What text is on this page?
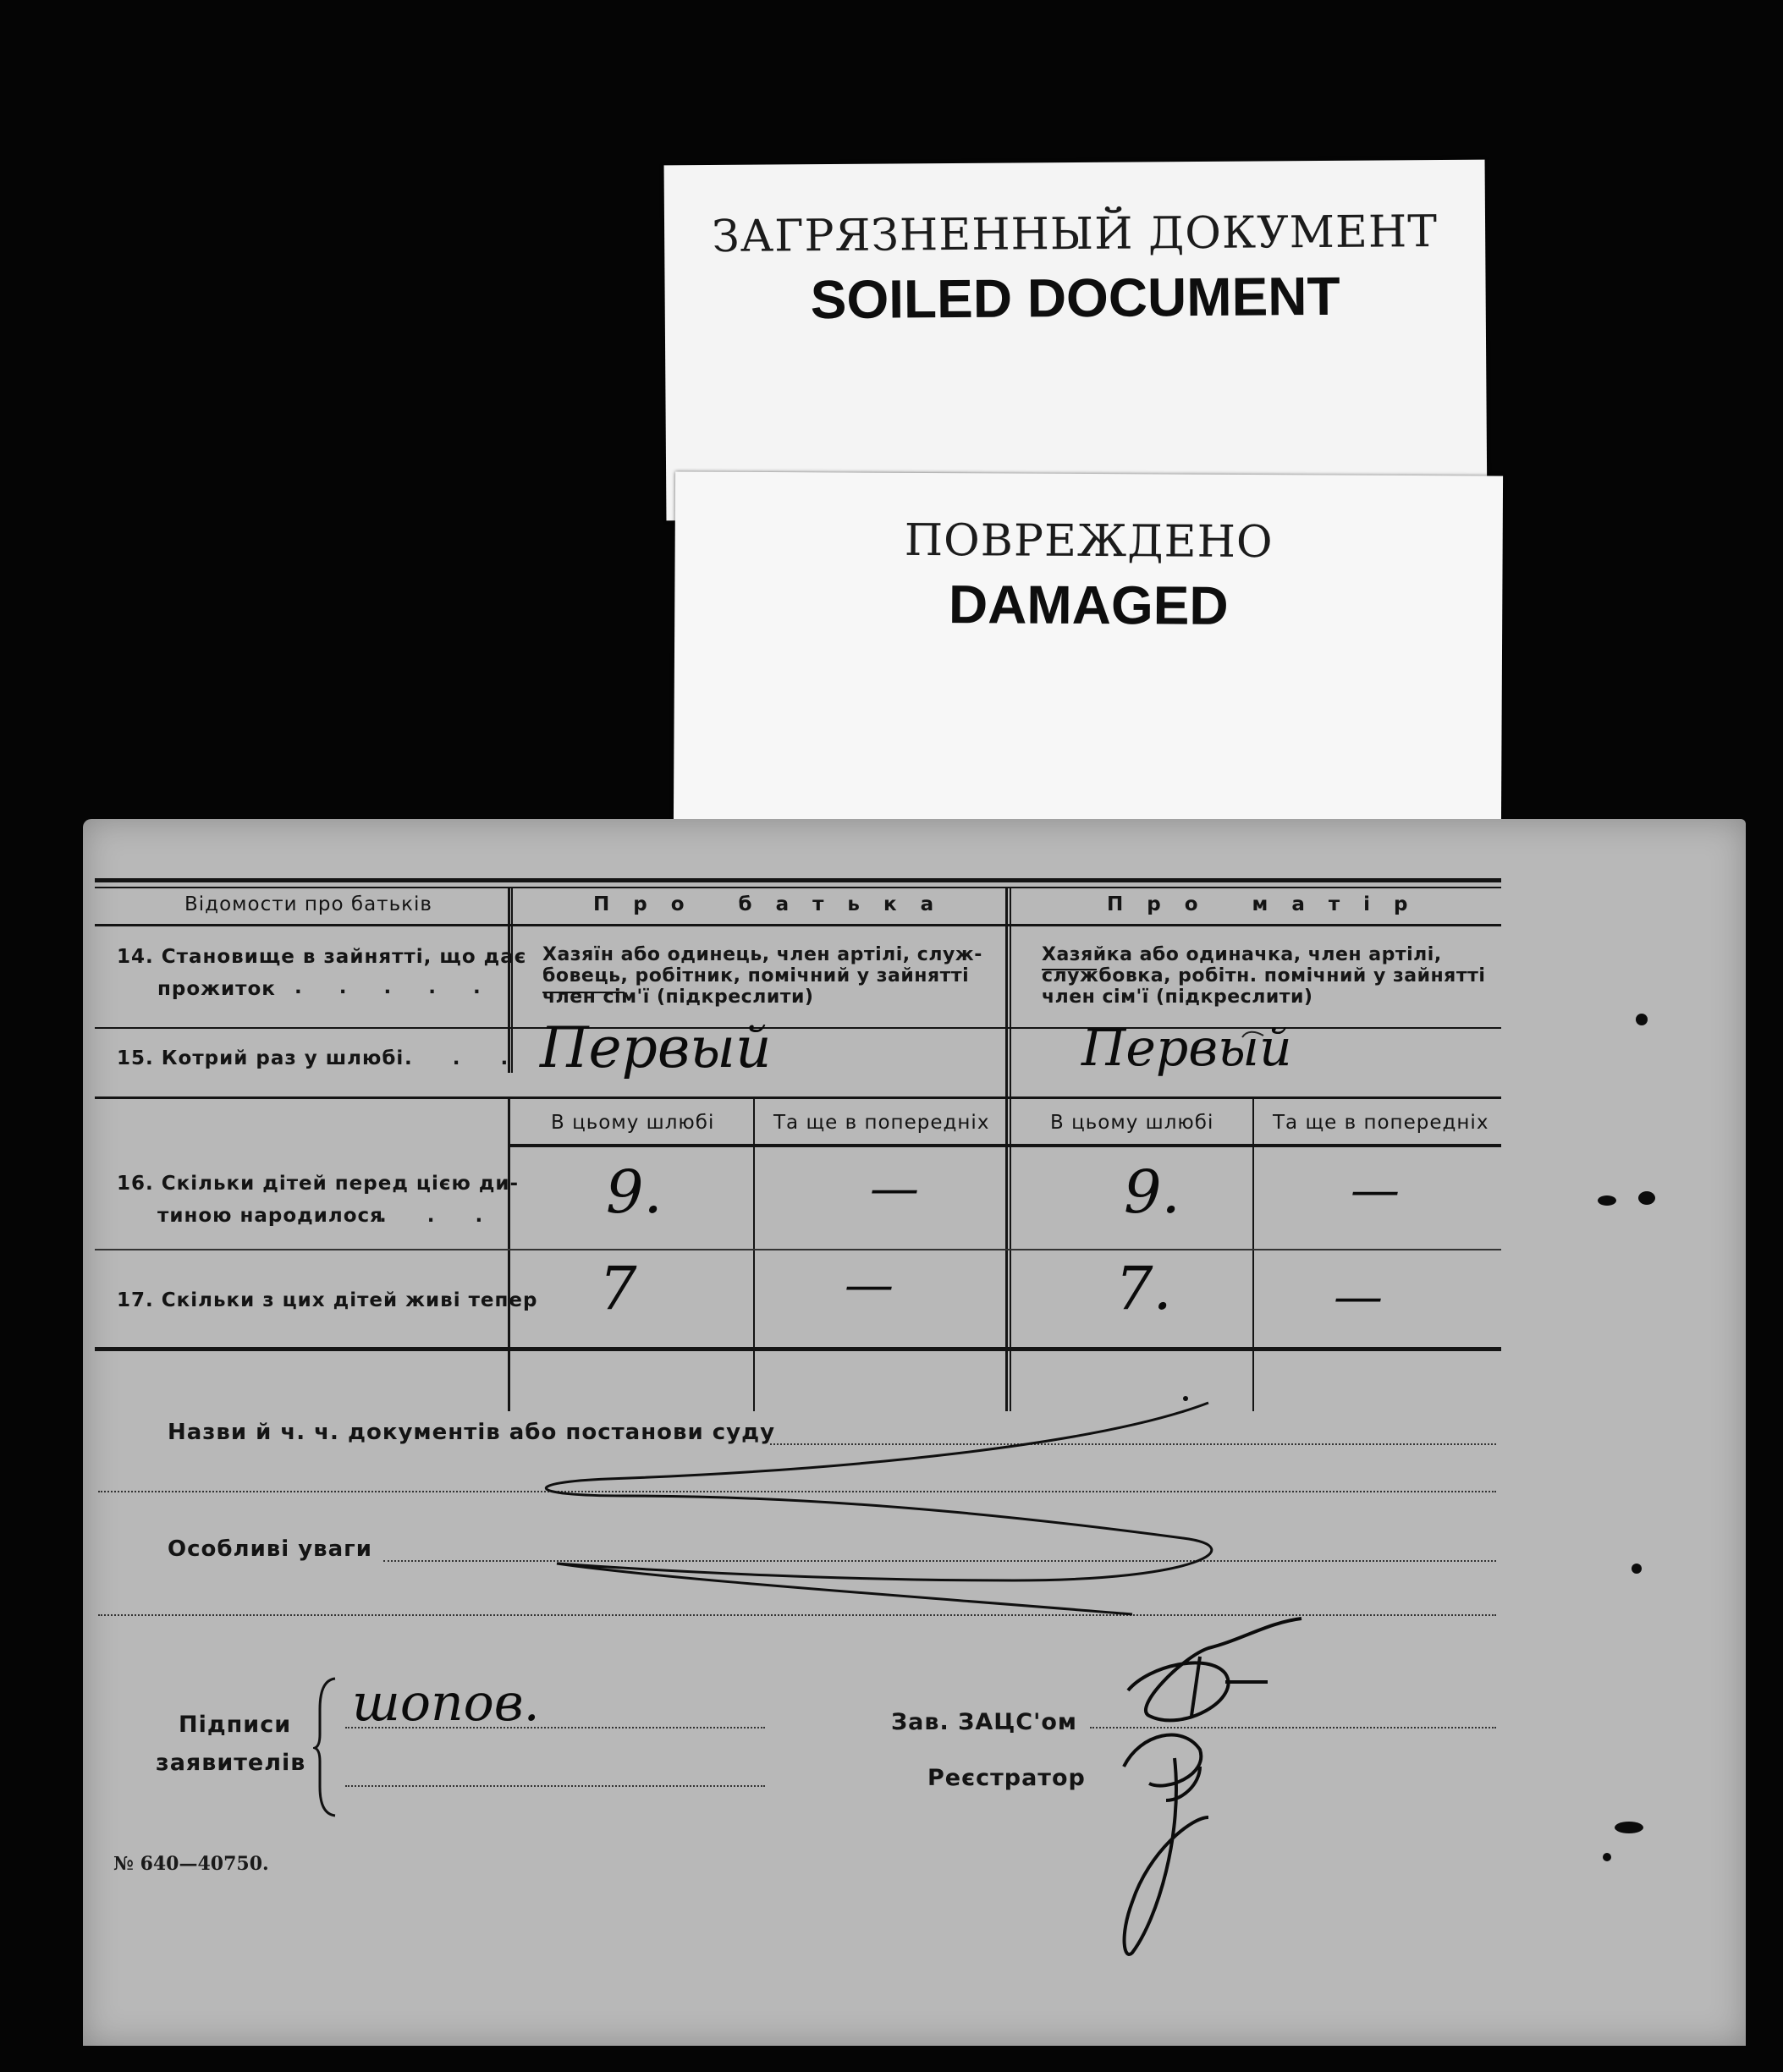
ЗАГРЯЗНЕННЫЙ ДОКУМЕНТ
SOILED DOCUMENT
ПОВРЕЖДЕНО
DAMAGED
Відомости про батьків	Про батька	Про матір
14. Становище в зайнятті, що дає
прожиток . . . . .
Хазяїн або одинець, член артілі, служ-
бовець, робітник, помічний у зайнятті
член сім'ї (підкреслити)
Хазяйка або одиначка, член артілі,
службовка, робітн. помічний у зайнятті
член сім'ї (підкреслити)
15. Котрий раз у шлюбі . . . Первый	Первый
В цьому шлюбі	Та ще в попередніх	В цьому шлюбі	Та ще в попередніх
16. Скільки дітей перед цією ди-
тиною народилося
. . . 9.	—	9.	—
17. Скільки з цих дітей живі тепер 7	—	7.	—
Назви й ч. ч. документів або постанови суду
Особливі уваги
Підписи
заявителів
шопов.	Зав. ЗАЦС'ом
Реєстратор
№ 640—40750.
